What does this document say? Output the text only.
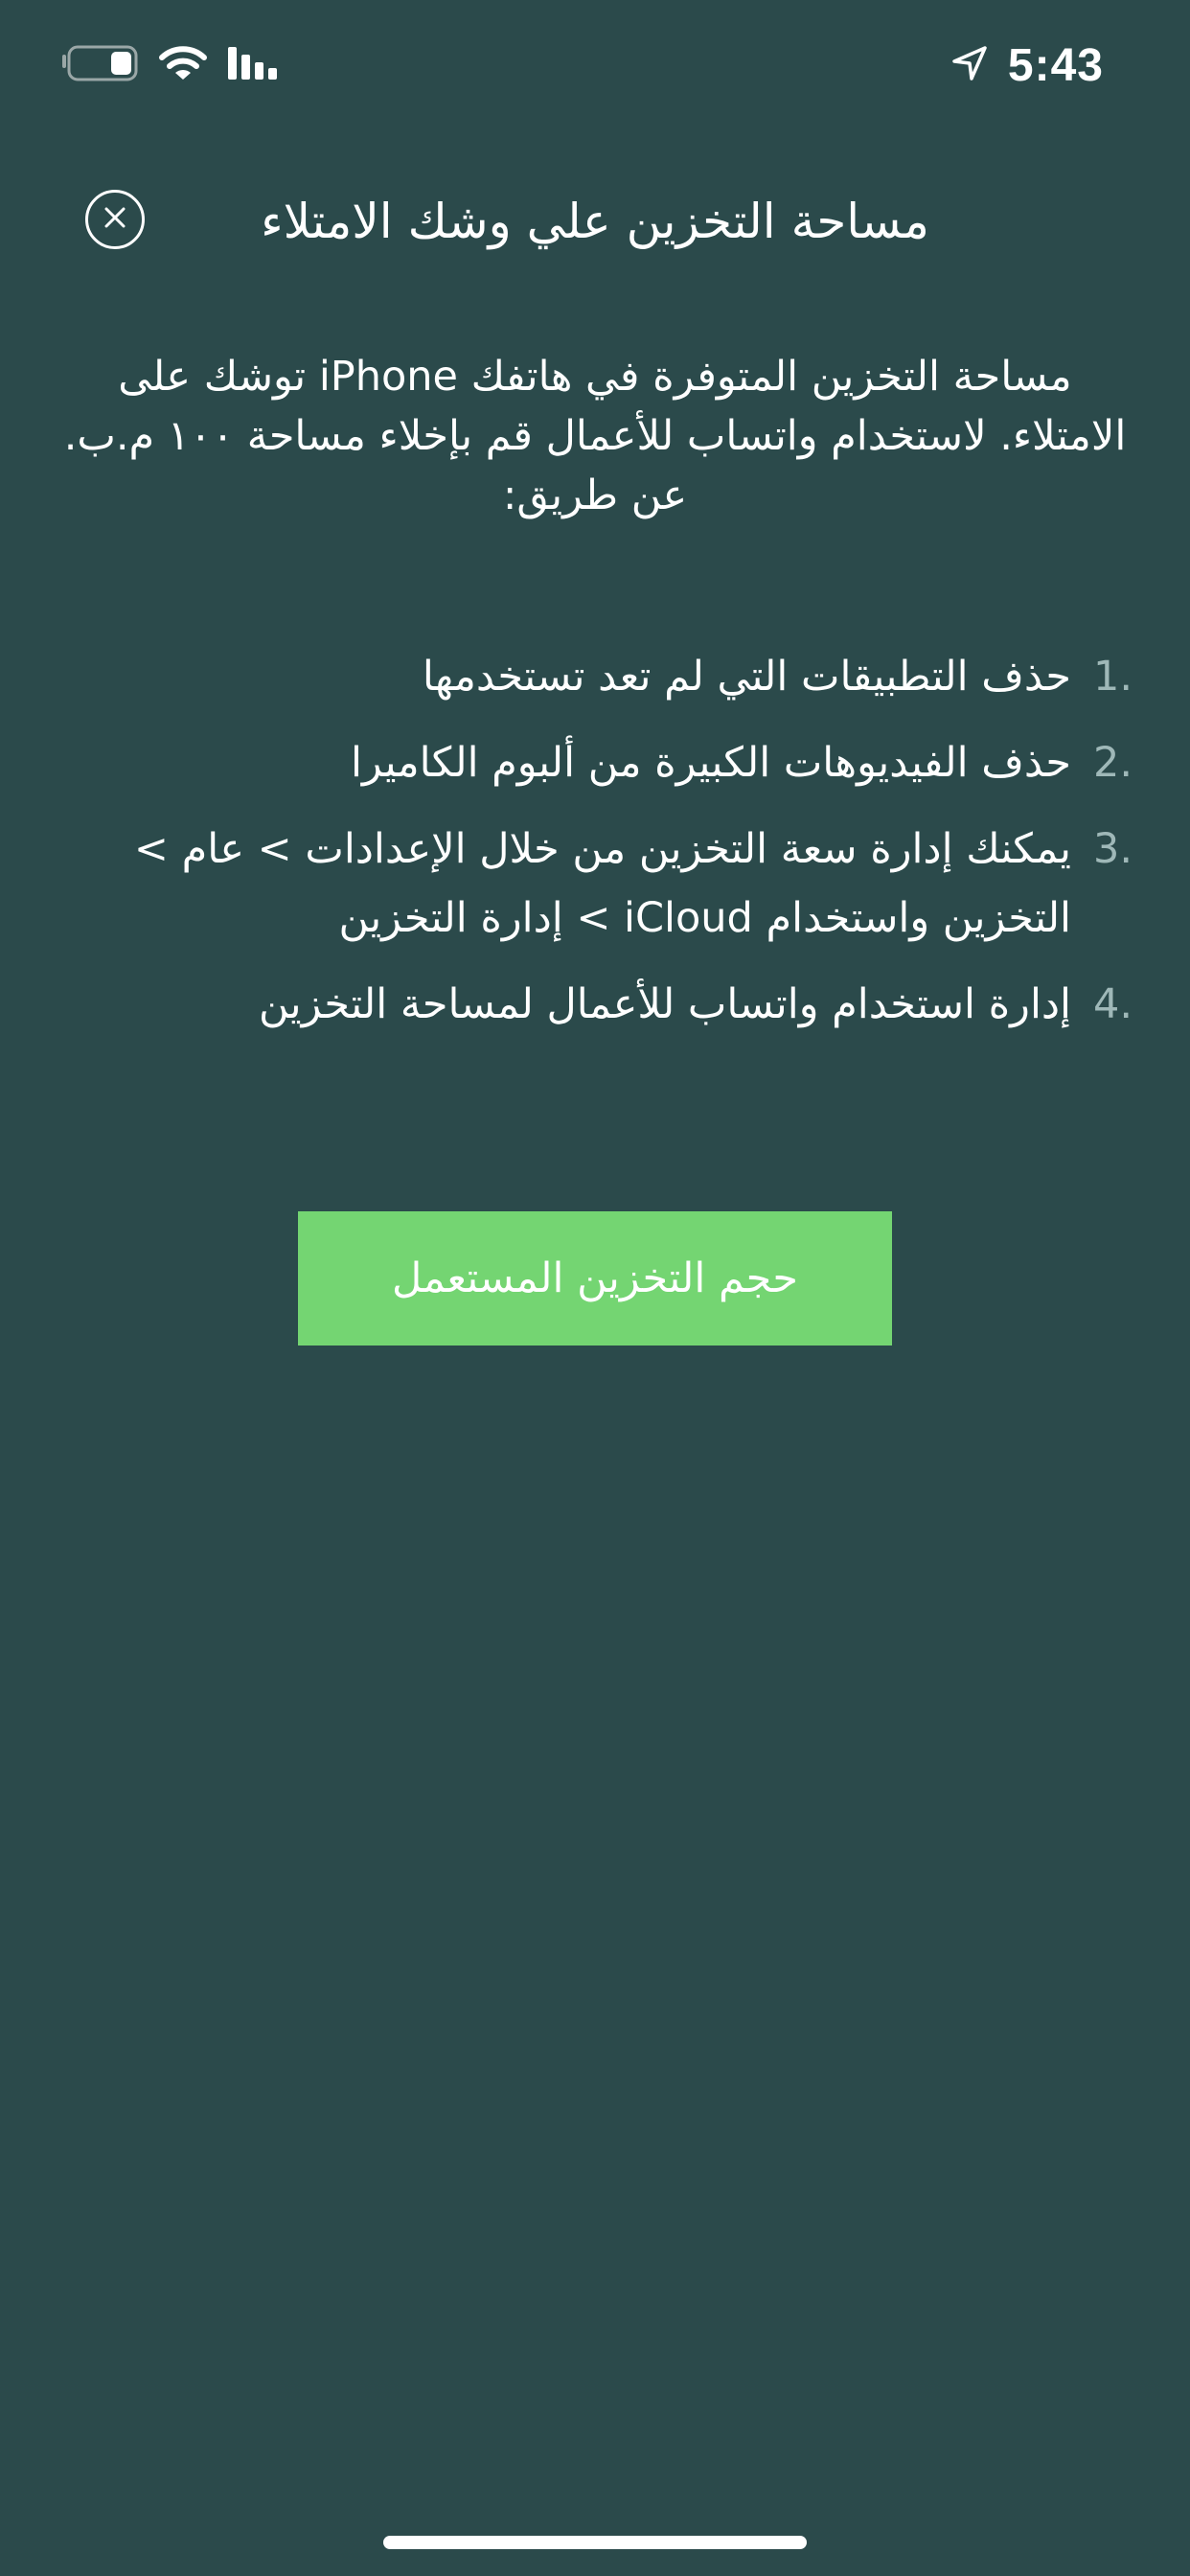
5:43
مساحة التخزين علي وشك الامتلاء

مساحة التخزين المتوفرة في هاتفك iPhone توشك على الامتلاء. لاستخدام واتساب للأعمال قم بإخلاء مساحة ١٠٠ م.ب. عن طريق:

1.
حذف التطبيقات التي لم تعد تستخدمها
2.
حذف الفيديوهات الكبيرة من ألبوم الكاميرا
3.
يمكنك إدارة سعة التخزين من خلال الإعدادات > عام > التخزين واستخدام iCloud > إدارة التخزين
4.
إدارة استخدام واتساب للأعمال لمساحة التخزين
حجم التخزين المستعمل
